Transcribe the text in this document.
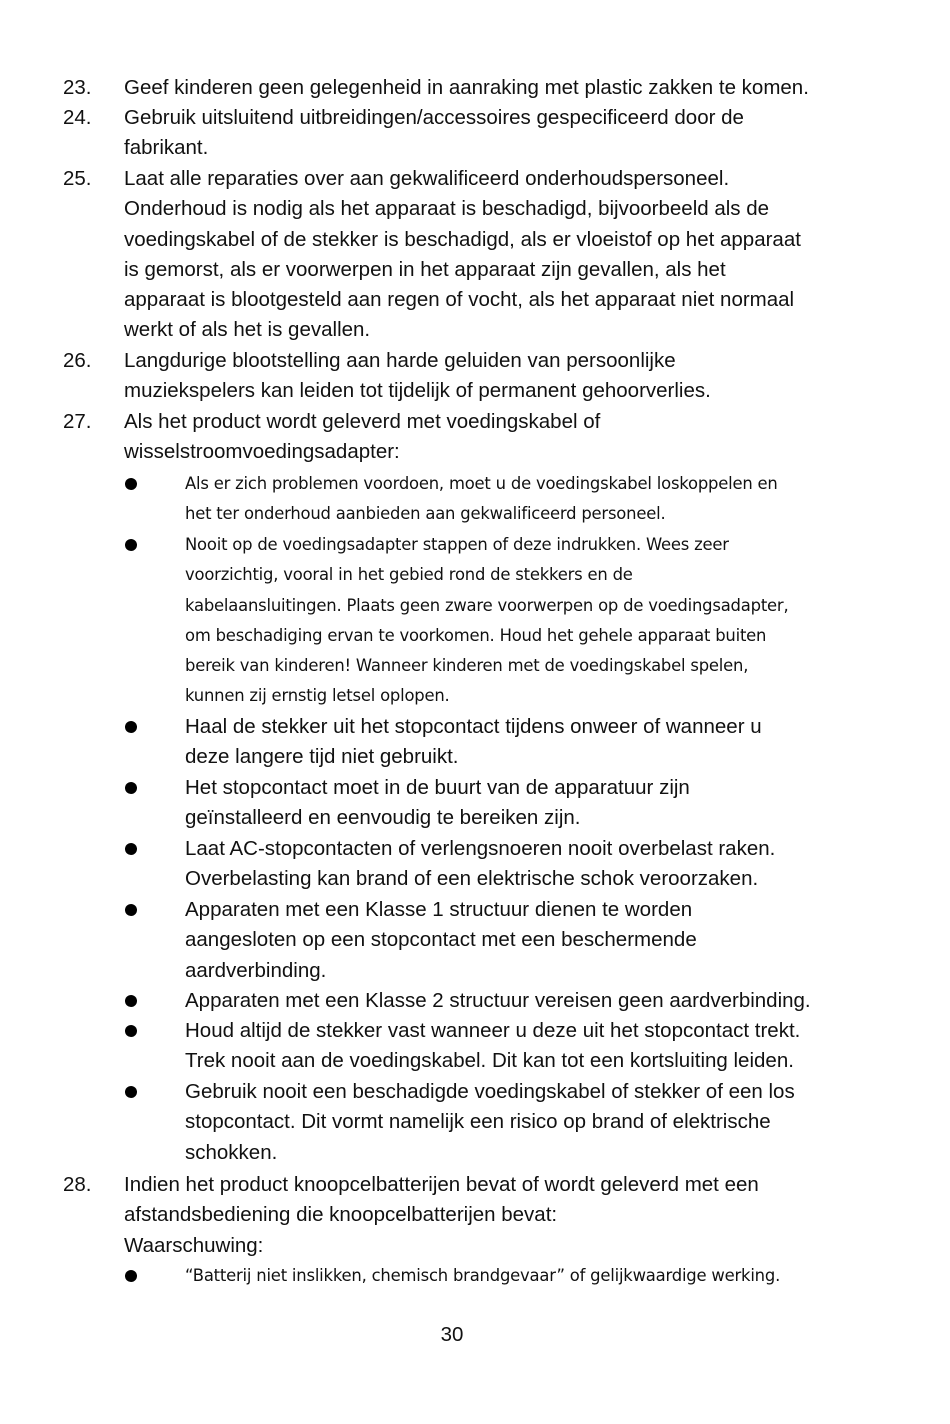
23. Geef kinderen geen gelegenheid in aanraking met plastic zakken te komen.
24. Gebruik uitsluitend uitbreidingen/accessoires gespecificeerd door de
fabrikant.
25. Laat alle reparaties over aan gekwalificeerd onderhoudspersoneel.
Onderhoud is nodig als het apparaat is beschadigd, bijvoorbeeld als de
voedingskabel of de stekker is beschadigd, als er vloeistof op het apparaat
is gemorst, als er voorwerpen in het apparaat zijn gevallen, als het
apparaat is blootgesteld aan regen of vocht, als het apparaat niet normaal
werkt of als het is gevallen.
26. Langdurige blootstelling aan harde geluiden van persoonlijke
muziekspelers kan leiden tot tijdelijk of permanent gehoorverlies.
27. Als het product wordt geleverd met voedingskabel of
wisselstroomvoedingsadapter:
Als er zich problemen voordoen, moet u de voedingskabel loskoppelen en
het ter onderhoud aanbieden aan gekwalificeerd personeel.
Nooit op de voedingsadapter stappen of deze indrukken. Wees zeer
voorzichtig, vooral in het gebied rond de stekkers en de
kabelaansluitingen. Plaats geen zware voorwerpen op de voedingsadapter,
om beschadiging ervan te voorkomen. Houd het gehele apparaat buiten
bereik van kinderen! Wanneer kinderen met de voedingskabel spelen,
kunnen zij ernstig letsel oplopen.
Haal de stekker uit het stopcontact tijdens onweer of wanneer u
deze langere tijd niet gebruikt.
Het stopcontact moet in de buurt van de apparatuur zijn
geïnstalleerd en eenvoudig te bereiken zijn.
Laat AC-stopcontacten of verlengsnoeren nooit overbelast raken.
Overbelasting kan brand of een elektrische schok veroorzaken.
Apparaten met een Klasse 1 structuur dienen te worden
aangesloten op een stopcontact met een beschermende
aardverbinding.
Apparaten met een Klasse 2 structuur vereisen geen aardverbinding.
Houd altijd de stekker vast wanneer u deze uit het stopcontact trekt.
Trek nooit aan de voedingskabel. Dit kan tot een kortsluiting leiden.
Gebruik nooit een beschadigde voedingskabel of stekker of een los
stopcontact. Dit vormt namelijk een risico op brand of elektrische
schokken.
28. Indien het product knoopcelbatterijen bevat of wordt geleverd met een
afstandsbediening die knoopcelbatterijen bevat:
Waarschuwing:
“Batterij niet inslikken, chemisch brandgevaar” of gelijkwaardige werking.
30
